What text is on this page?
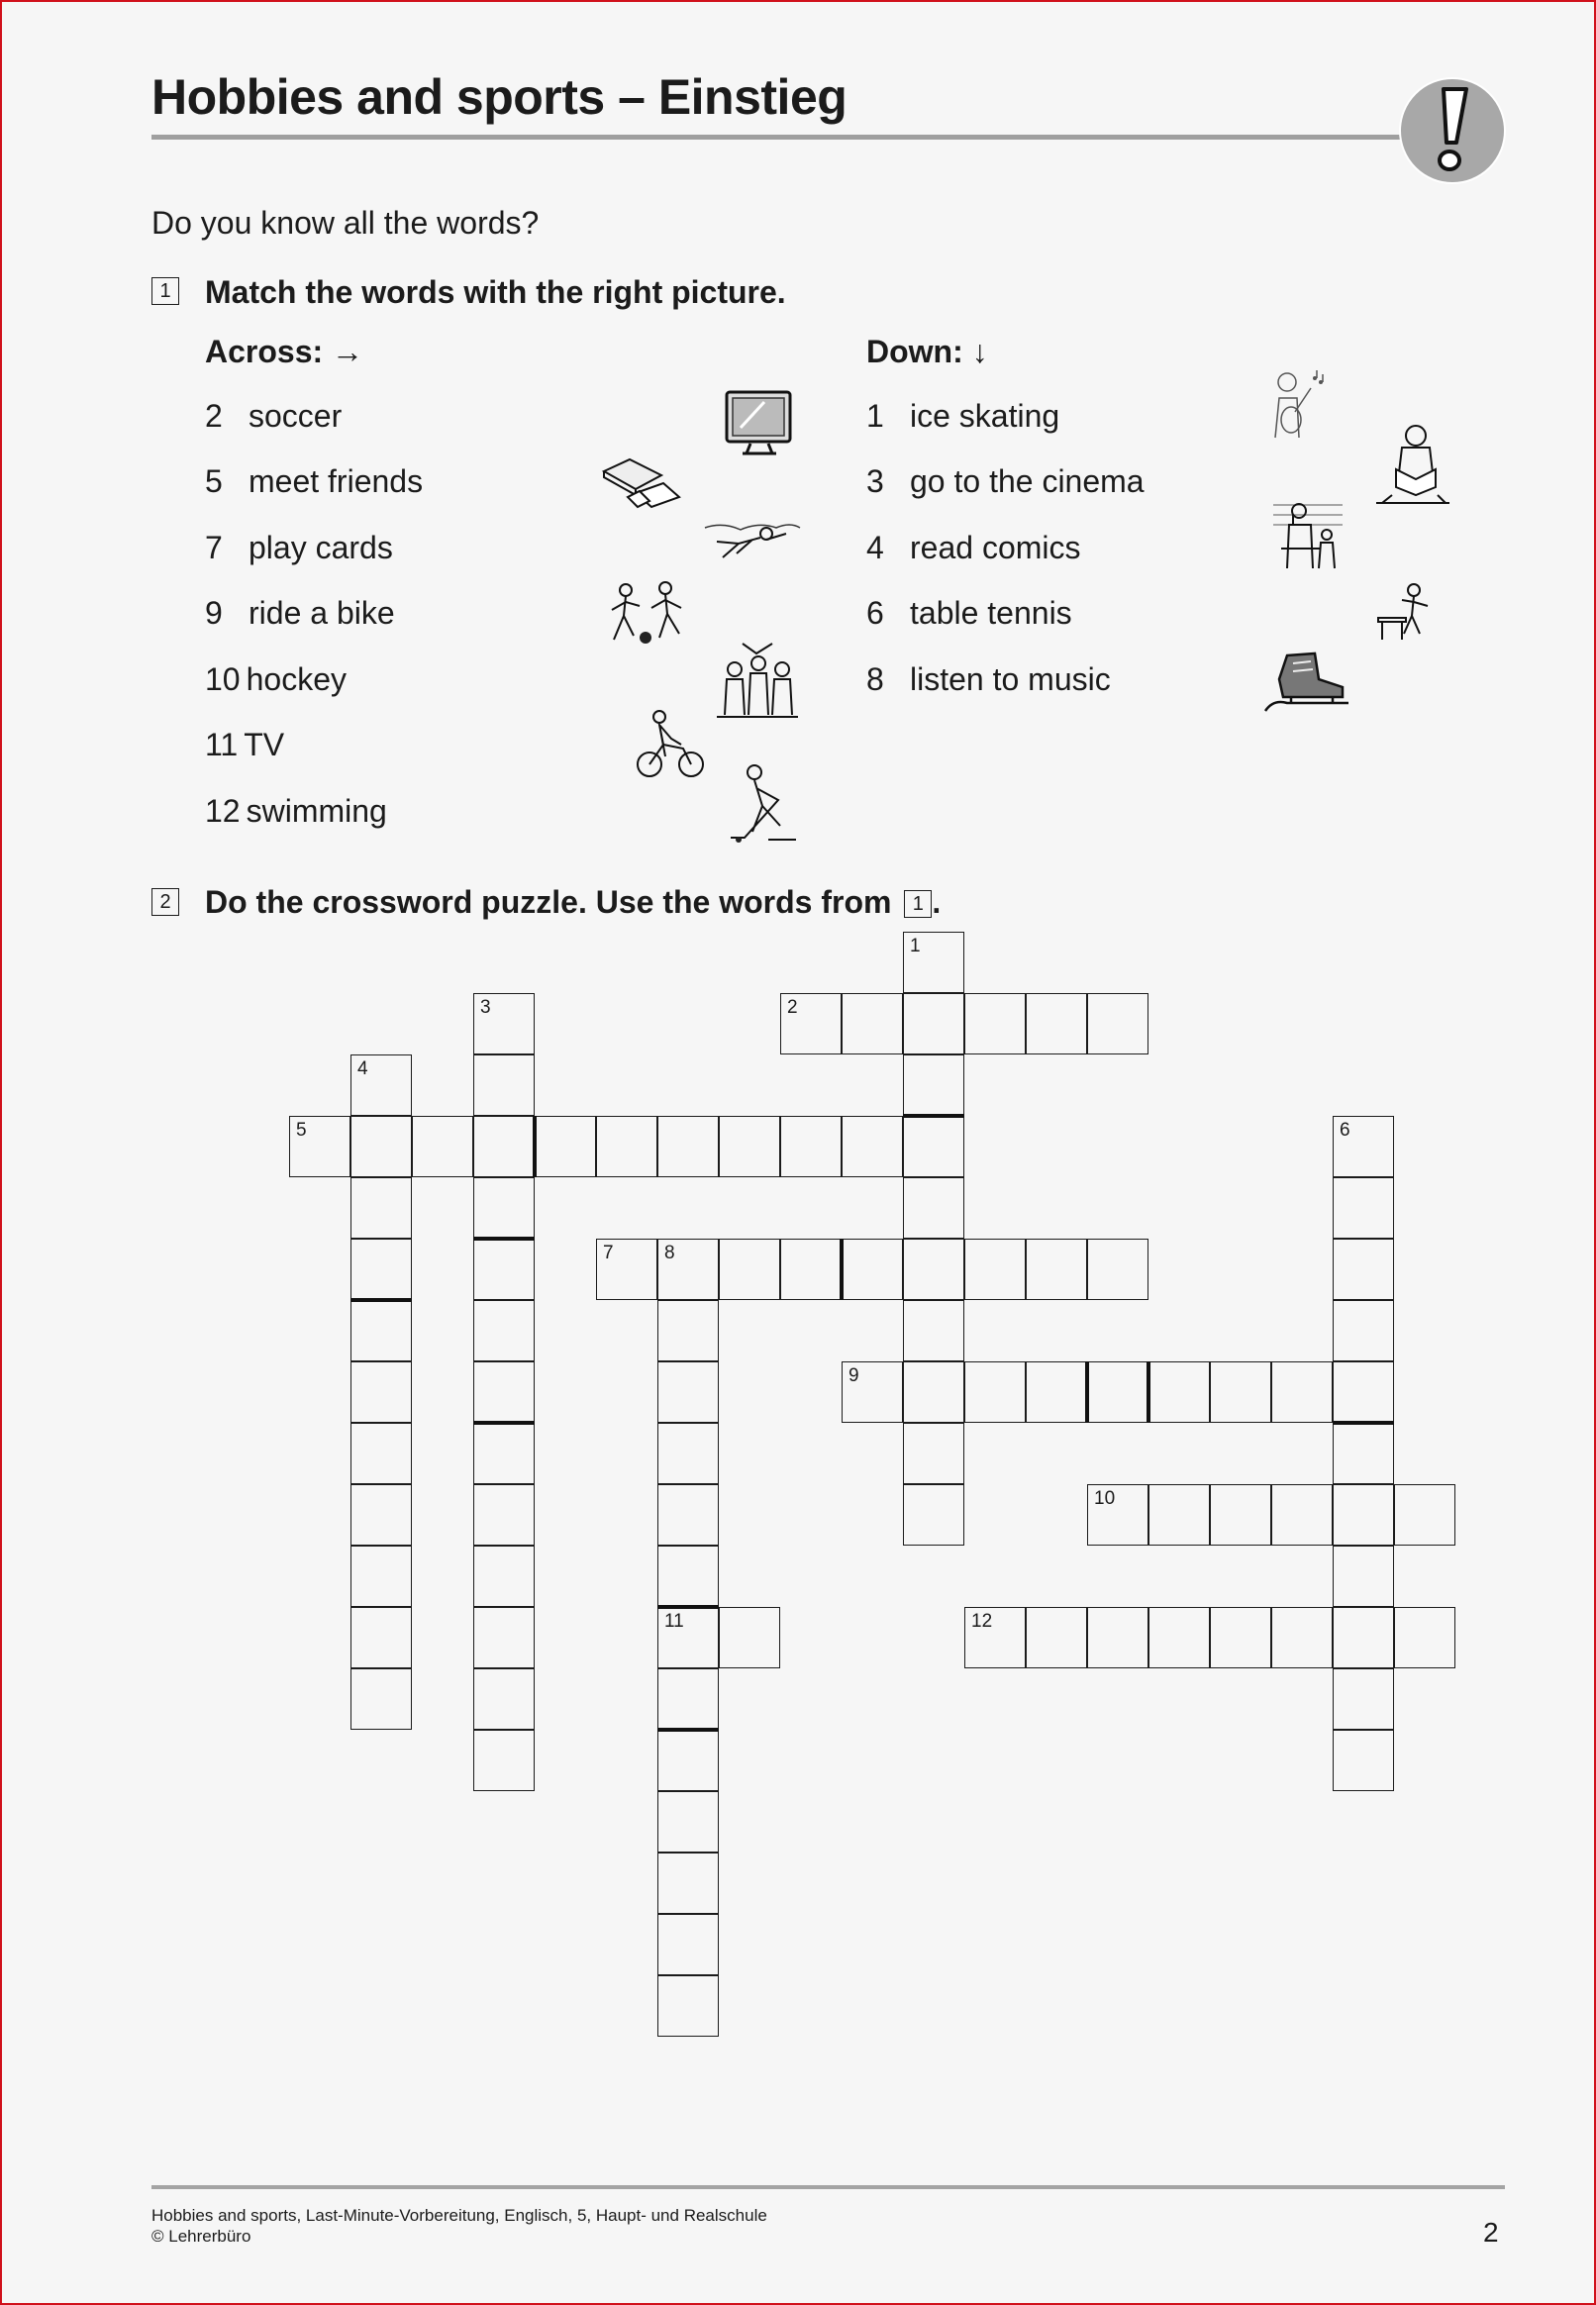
Hobbies and sports – Einstieg
Do you know all the words?
1 Match the words with the right picture.
Across: →	Down: ↓
2 soccer
5 meet friends
7 play cards
9 ride a bike
10 hockey
11 TV
12 swimming
1 ice skating
3 go to the cinema
4 read comics
6 table tennis
8 listen to music
2 Do the crossword puzzle. Use the words from 1 .
1
2
3
4
5	6
7	8
11
9
10
12
Hobbies and sports, Last-Minute-Vorbereitung, Englisch, 5, Haupt- und Realschule
© Lehrerbüro	2
